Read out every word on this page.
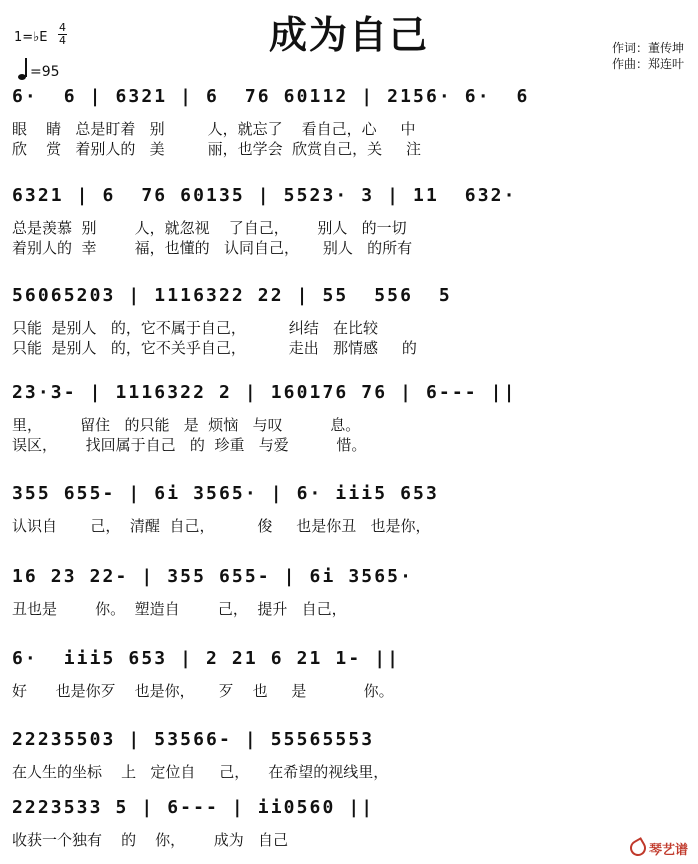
成为自己
1=♭E
4
4
=95
作词：董传坤
作曲：郑连叶
6·  6 | 6321 | 6  76 60112 | 2156· 6·  6
眼    睛   总是盯着   别         人，就忘了    看自己，心     中
欣    赏   着别人的   美         丽，也学会  欣赏自己，关     注
6321 | 6  76 60135 | 5523· 3 | 11  632·
总是羡慕  别        人，就忽视    了自己，      别人   的一切
着别人的  幸        福，也懂的   认同自己，     别人   的所有
56065203 | 1116322 22 | 55  556  5
只能  是别人   的，它不属于自己，         纠结   在比较
只能  是别人   的，它不关乎自己，         走出   那情感     的
23·3- | 1116322 2 | 160176 76 | 6--- ||
里，        留住   的只能   是  烦恼   与叹          息。
误区，      找回属于自己   的  珍重   与爱          惜。
355 655- | 6i 3565· | 6· iii5 653
认识自       己，  清醒  自己，         俊     也是你丑   也是你，
16 23 22- | 355 655- | 6i 3565·
丑也是        你。  塑造自        己，  提升   自己，
6·  iii5 653 | 2 21 6 21 1- ||
好      也是你歹    也是你，     歹    也     是            你。
22235503 | 53566- | 55565553
在人生的坐标    上   定位自     己，    在希望的视线里，
2223533 5 | 6--- | ii0560 ||
收获一个独有    的    你，      成为   自己
琴艺谱
